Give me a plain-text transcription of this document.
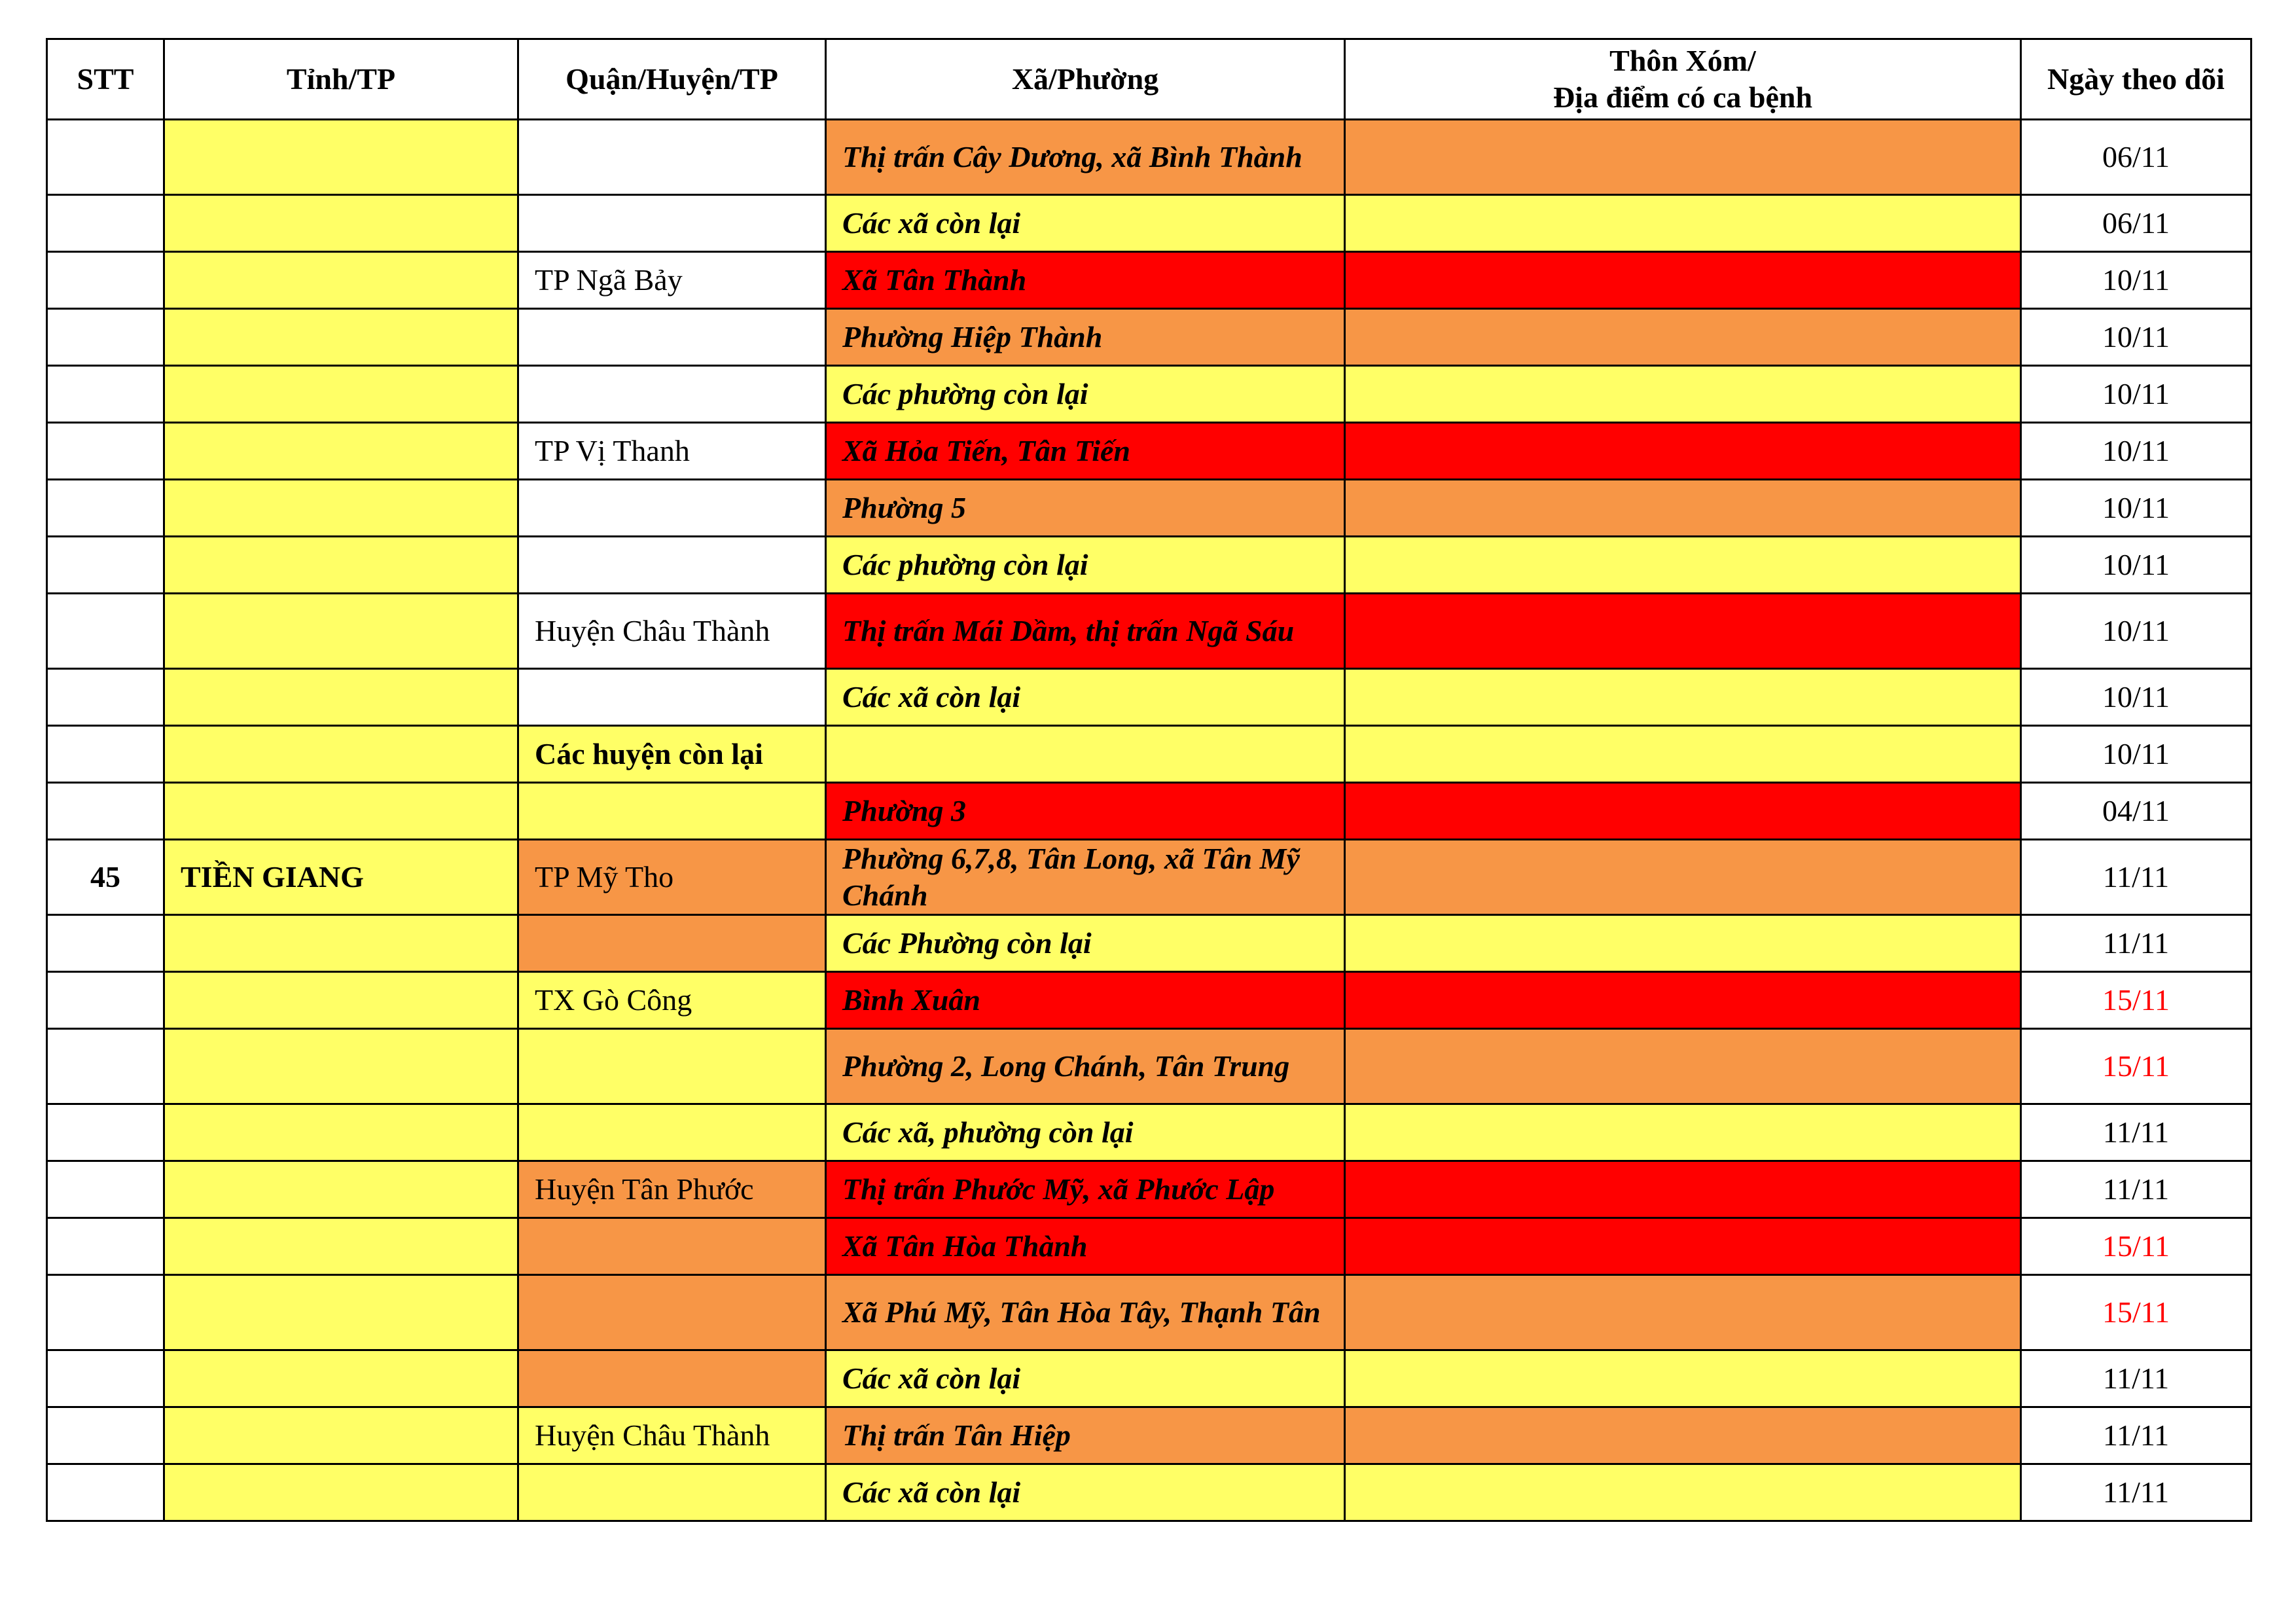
STT	Tỉnh/TP	Quận/Huyện/TP	Xã/Phường	Thôn Xóm/
Địa điểm có ca bệnh	Ngày theo dõi
			Thị trấn Cây Dương, xã Bình Thành		06/11
			Các xã còn lại		06/11
		TP Ngã Bảy	Xã Tân Thành		10/11
			Phường Hiệp Thành		10/11
			Các phường còn lại		10/11
		TP Vị Thanh	Xã Hỏa Tiến, Tân Tiến		10/11
			Phường 5		10/11
			Các phường còn lại		10/11
		Huyện Châu Thành	Thị trấn Mái Dầm, thị trấn Ngã Sáu		10/11
			Các xã còn lại		10/11
		Các huyện còn lại			10/11
			Phường 3		04/11
45	TIỀN GIANG	TP Mỹ Tho	Phường 6,7,8, Tân Long, xã Tân Mỹ Chánh		11/11
			Các Phường còn lại		11/11
		TX Gò Công	Bình Xuân		15/11
			Phường 2, Long Chánh, Tân Trung		15/11
			Các xã, phường còn lại		11/11
		Huyện Tân Phước	Thị trấn Phước Mỹ, xã Phước Lập		11/11
			Xã Tân Hòa Thành		15/11
			Xã Phú Mỹ, Tân Hòa Tây, Thạnh Tân		15/11
			Các xã còn lại		11/11
		Huyện Châu Thành	Thị trấn Tân Hiệp		11/11
			Các xã còn lại		11/11
